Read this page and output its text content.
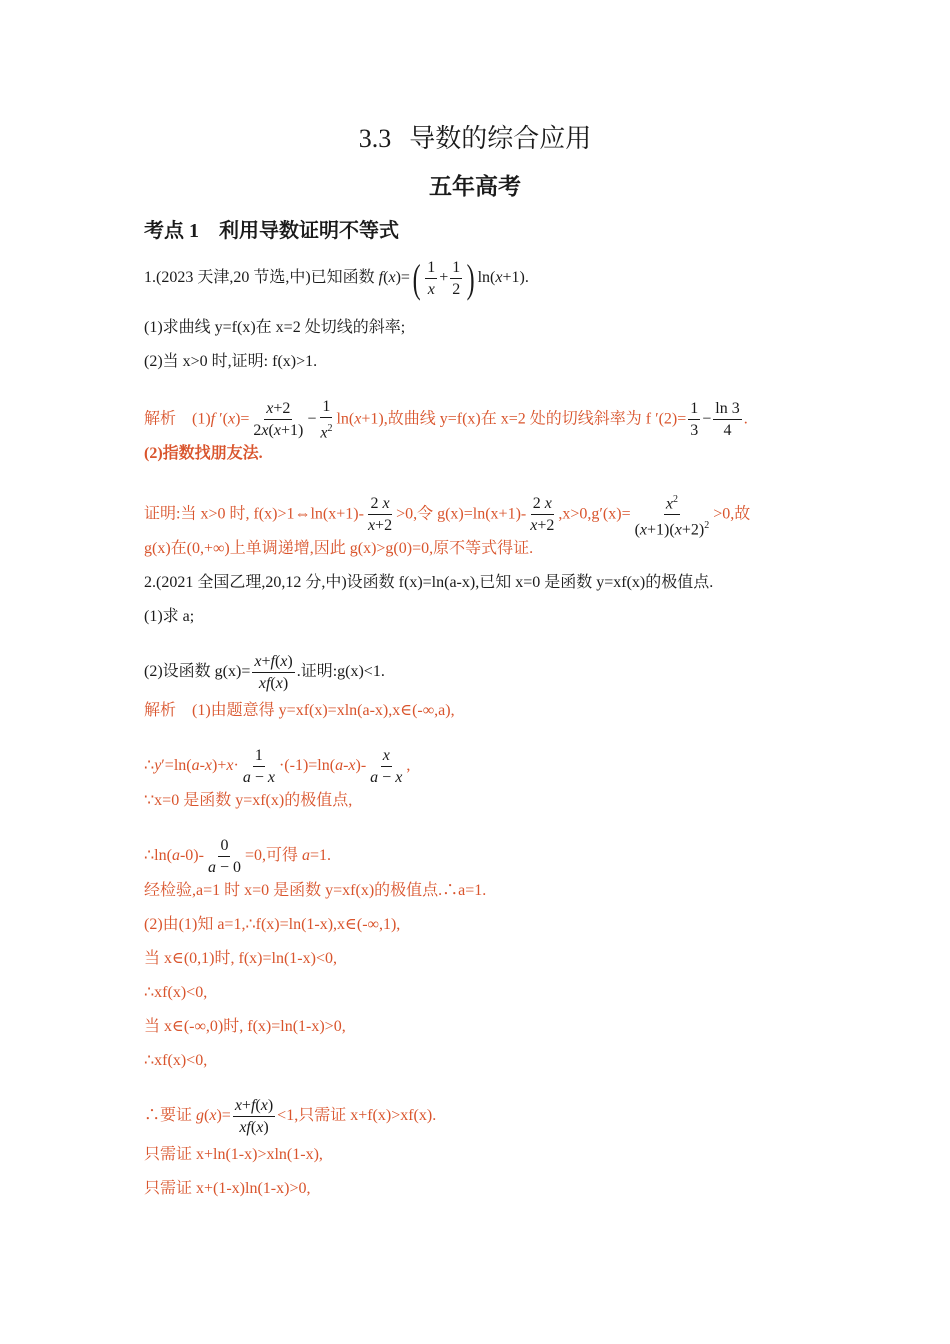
3.3 导数的综合应用
五年高考
考点 1 利用导数证明不等式
1.(2023 天津,20 节选,中)已知函数 $f(x)=( \frac{1}{x} + \frac{1}{2}$ ) ln(x+1).
(1)求曲线 y=f(x)在 x=2 处切线的斜率;
(2)当 x>0 时,证明: f(x)>1.
解析    (1)f $'(x)= \frac{x+2}{2x(x+1)} - \frac{1}{x^2} \ln(x+1)$,故曲线 y=f(x)在 x=2 处的切线斜率为 f $'(2)= \frac{1}{3} - \frac{\ln 3}{4}$ .
(2)指数找朋友法.
证明:当 x>0 时, f(x)>1⇔ln(x+1)- $\frac{2 x}{x+2} >0$,令 $g(x)=\ln(x+1)- \frac{2 x}{x+2} ,x>0,g'(x)= \frac{x^2}{(x+1)(x+2)^2} >0$,故
g(x)在(0,+∞)上单调递增,因此 g(x)>g(0)=0,原不等式得证.
2.(2021 全国乙理,20,12 分,中)设函数 f(x)=ln(a-x),已知 x=0 是函数 y=xf(x)的极值点.
(1)求 a;
(2)设函数 $g(x)= \frac{x+f(x)}{xf(x)}$ .证明:g(x)<1.
解析 (1)由题意得 y=xf(x)=xln(a-x),x∈(-∞,a),
∴y′=ln(a-x)+x· $\frac{1}{a - x} \cdot(-1)=\ln(a-x)- \frac{x}{a - x}$ ,
∵x=0 是函数 y=xf(x)的极值点,
∴ln(a-0)- $\frac{0}{a - 0} =0$,可得 a=1.
经检验,a=1 时 x=0 是函数 y=xf(x)的极值点.∴a=1.
(2)由(1)知 a=1,∴f(x)=ln(1-x),x∈(-∞,1),
当 x∈(0,1)时, f(x)=ln(1-x)<0,
∴xf(x)<0,
当 x∈(-∞,0)时, f(x)=ln(1-x)>0,
∴xf(x)<0,
∴要证 $g(x)= \frac{x+f(x)}{xf(x)} <1$,只需证 x+f(x)>xf(x).
只需证 x+ln(1-x)>xln(1-x),
只需证 x+(1-x)ln(1-x)>0,
